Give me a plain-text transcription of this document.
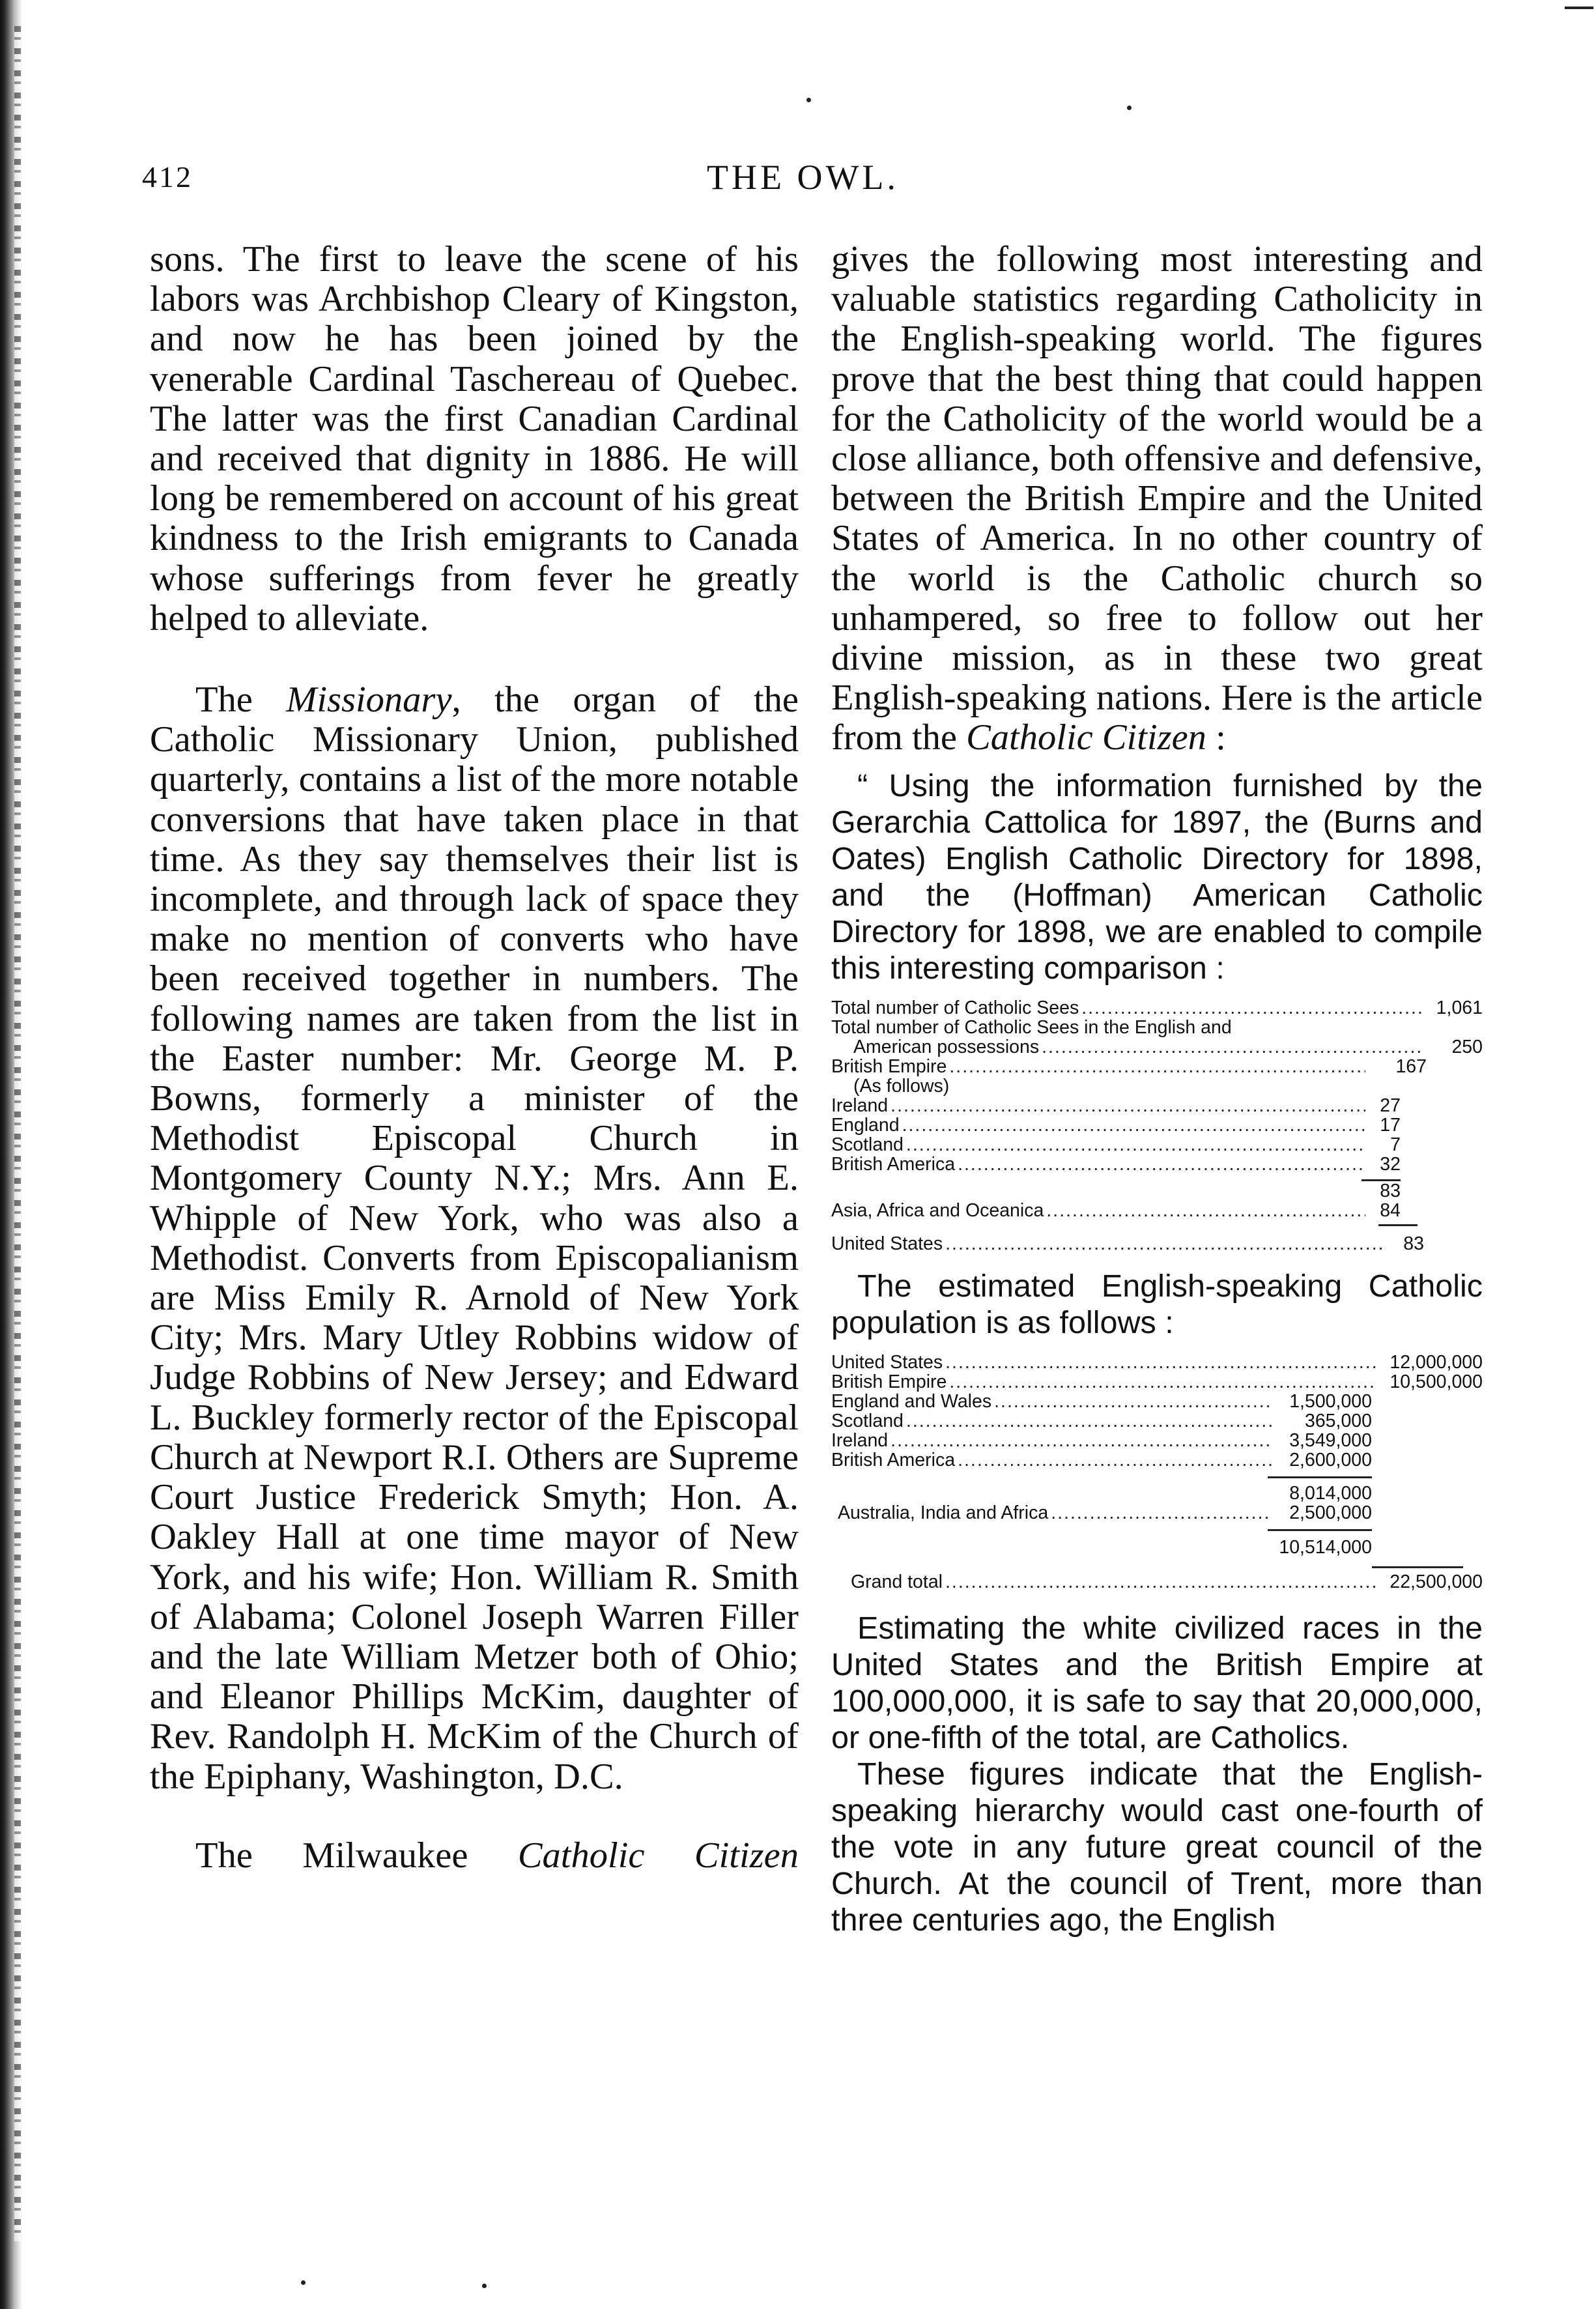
412	THE OWL.

sons. The first to leave the scene of his labors was Archbishop Cleary of Kingston, and now he has been joined by the venerable Cardinal Taschereau of Quebec. The latter was the first Canadian Cardinal and received that dignity in 1886. He will long be remembered on account of his great kindness to the Irish emigrants to Canada whose sufferings from fever he greatly helped to alleviate.

The Missionary, the organ of the Catholic Missionary Union, published quarterly, contains a list of the more notable conversions that have taken place in that time. As they say themselves their list is incomplete, and through lack of space they make no mention of converts who have been received together in numbers. The following names are taken from the list in the Easter number: Mr. George M. P. Bowns, formerly a minister of the Methodist Episcopal Church in Montgomery County N.Y.; Mrs. Ann E. Whipple of New York, who was also a Methodist. Converts from Episcopalianism are Miss Emily R. Arnold of New York City; Mrs. Mary Utley Robbins widow of Judge Robbins of New Jersey; and Edward L. Buckley formerly rector of the Episcopal Church at Newport R.I. Others are Supreme Court Justice Frederick Smyth; Hon. A. Oakley Hall at one time mayor of New York, and his wife; Hon. William R. Smith of Alabama; Colonel Joseph Warren Filler and the late William Metzer both of Ohio; and Eleanor Phillips McKim, daughter of Rev. Randolph H. McKim of the Church of the Epiphany, Washington, D.C.

The Milwaukee Catholic Citizen

gives the following most interesting and valuable statistics regarding Catholicity in the English-speaking world. The figures prove that the best thing that could happen for the Catholicity of the world would be a close alliance, both offensive and defensive, between the British Empire and the United States of America. In no other country of the world is the Catholic church so unhampered, so free to follow out her divine mission, as in these two great English-speaking nations. Here is the article from the Catholic Citizen :

“ Using the information furnished by the Gerarchia Cattolica for 1897, the (Burns and Oates) English Catholic Directory for 1898, and the (Hoffman) American Catholic Directory for 1898, we are enabled to compile this interesting comparison :

Total number of Catholic Sees .....	1,061
Total number of Catholic Sees in the English and
American possessions .....	250
British Empire .....	167
(As follows)
Ireland .....	27
England .....	17
Scotland .....	7
British America .....	32
83
Asia, Africa and Oceanica .....	84
United States .....	83

The estimated English-speaking Catholic population is as follows :

United States .....	12,000,000
British Empire .....	10,500,000
England and Wales .....	1,500,000
Scotland .....	365,000
Ireland .....	3,549,000
British America .....	2,600,000
8,014,000
Australia, India and Africa .....	2,500,000
10,514,000
Grand total .....	22,500,000

Estimating the white civilized races in the United States and the British Empire at 100,000,000, it is safe to say that 20,000,000, or one-fifth of the total, are Catholics.

These figures indicate that the English-speaking hierarchy would cast one-fourth of the vote in any future great council of the Church. At the council of Trent, more than three centuries ago, the English
